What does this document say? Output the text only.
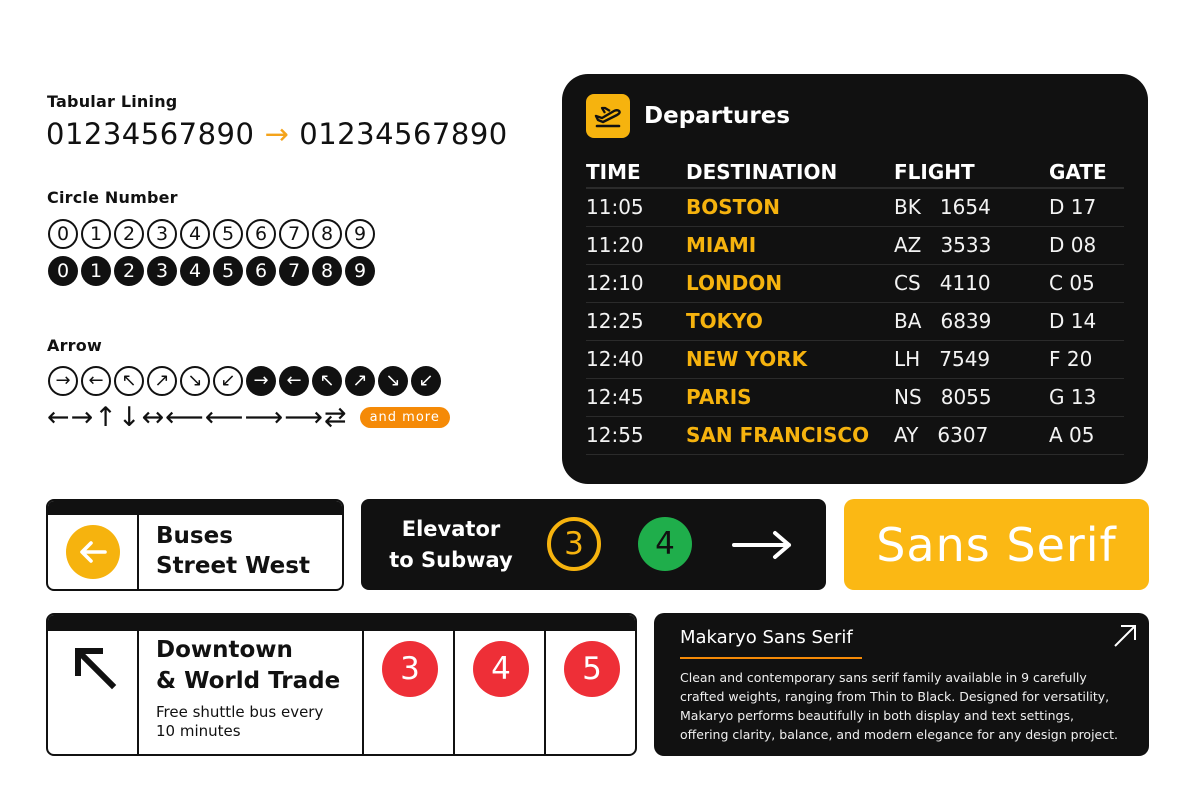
Tabular Lining
01234567890 → 01234567890
Circle Number
0	1	2	3	4	5	6	7	8	9
0	1	2	3	4	5	6	7	8	9
Arrow
→ ← ↖ ↗ ↘ ↙ → ← ↖ ↗ ↘ ↙
←→↑↓↔⟵⟵⟶⟶⇄	and more
Departures
TIME	DESTINATION	FLIGHT	GATE
11:05	BOSTON	BK   1654	D 17
11:20	MIAMI	AZ   3533	D 08
12:10	LONDON	CS   4110	C 05
12:25	TOKYO	BA   6839	D 14
12:40	NEW YORK	LH   7549	F 20
12:45	PARIS	NS   8055	G 13
12:55	SAN FRANCISCO	AY   6307	A 05
Buses
Street West
Elevator
to Subway	3	4	Sans Serif
Downtown
& World Trade
Free shuttle bus every
10 minutes
3	4	5
Makaryo Sans Serif
Clean and contemporary sans serif family available in 9 carefully crafted weights, ranging from Thin to Black. Designed for versatility, Makaryo performs beautifully in both display and text settings, offering clarity, balance, and modern elegance for any design project.
